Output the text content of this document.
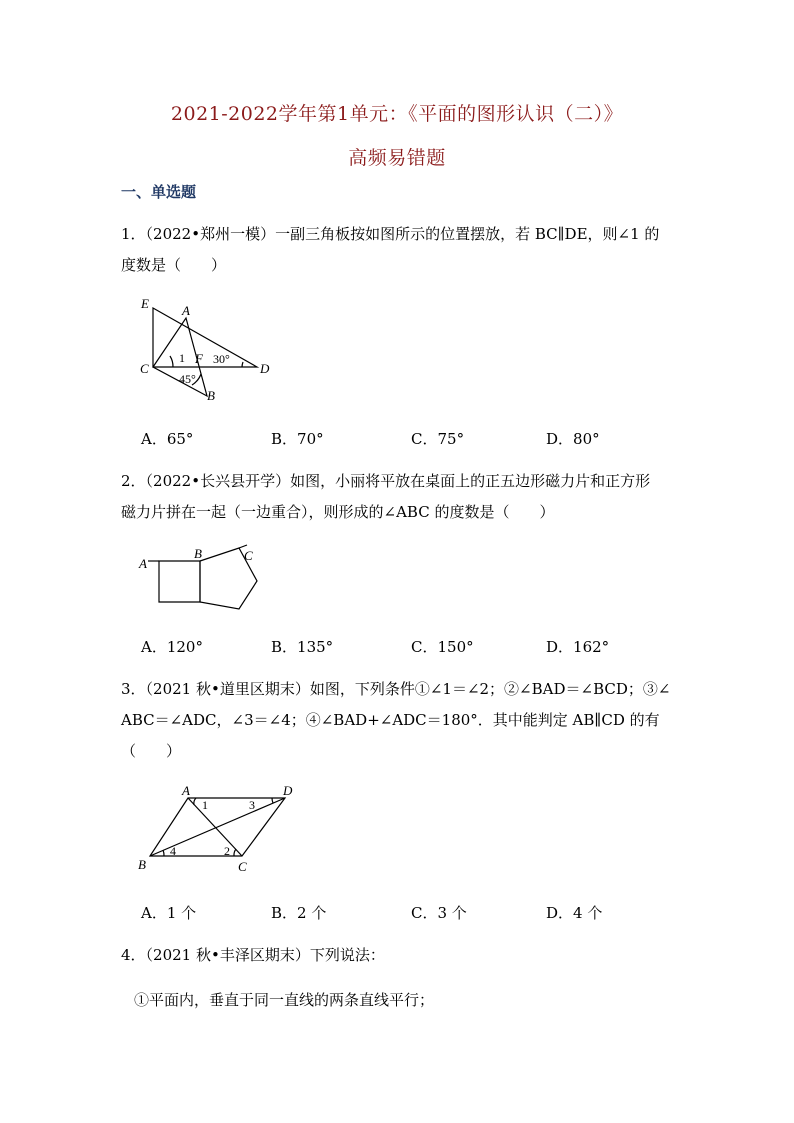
2021-2022学年第1单元：《平面的图形认识（二）》
高频易错题
一、单选题
1．（2022•郑州一模）一副三角板按如图所示的位置摆放，若 BC∥DE，则∠1 的
度数是（　　）
E	A
C
F
D
B
1 30°
45°
A．65°	B．70°	C．75°	D．80°
2．（2022•长兴县开学）如图，小丽将平放在桌面上的正五边形磁力片和正方形
磁力片拼在一起（一边重合），则形成的∠ABC 的度数是（　　）
A
B	C
A．120°	B．135°	C．150°	D．162°
3．（2021 秋•道里区期末）如图，下列条件①∠1＝∠2；②∠BAD＝∠BCD；③∠
ABC＝∠ADC，∠3＝∠4；④∠BAD+∠ADC＝180°．其中能判定 AB∥CD 的有
（　　）
A	D
B	C
1	3
4	2
A．1 个	B．2 个	C．3 个	D．4 个
4．（2021 秋•丰泽区期末）下列说法：
①平面内，垂直于同一直线的两条直线平行；
